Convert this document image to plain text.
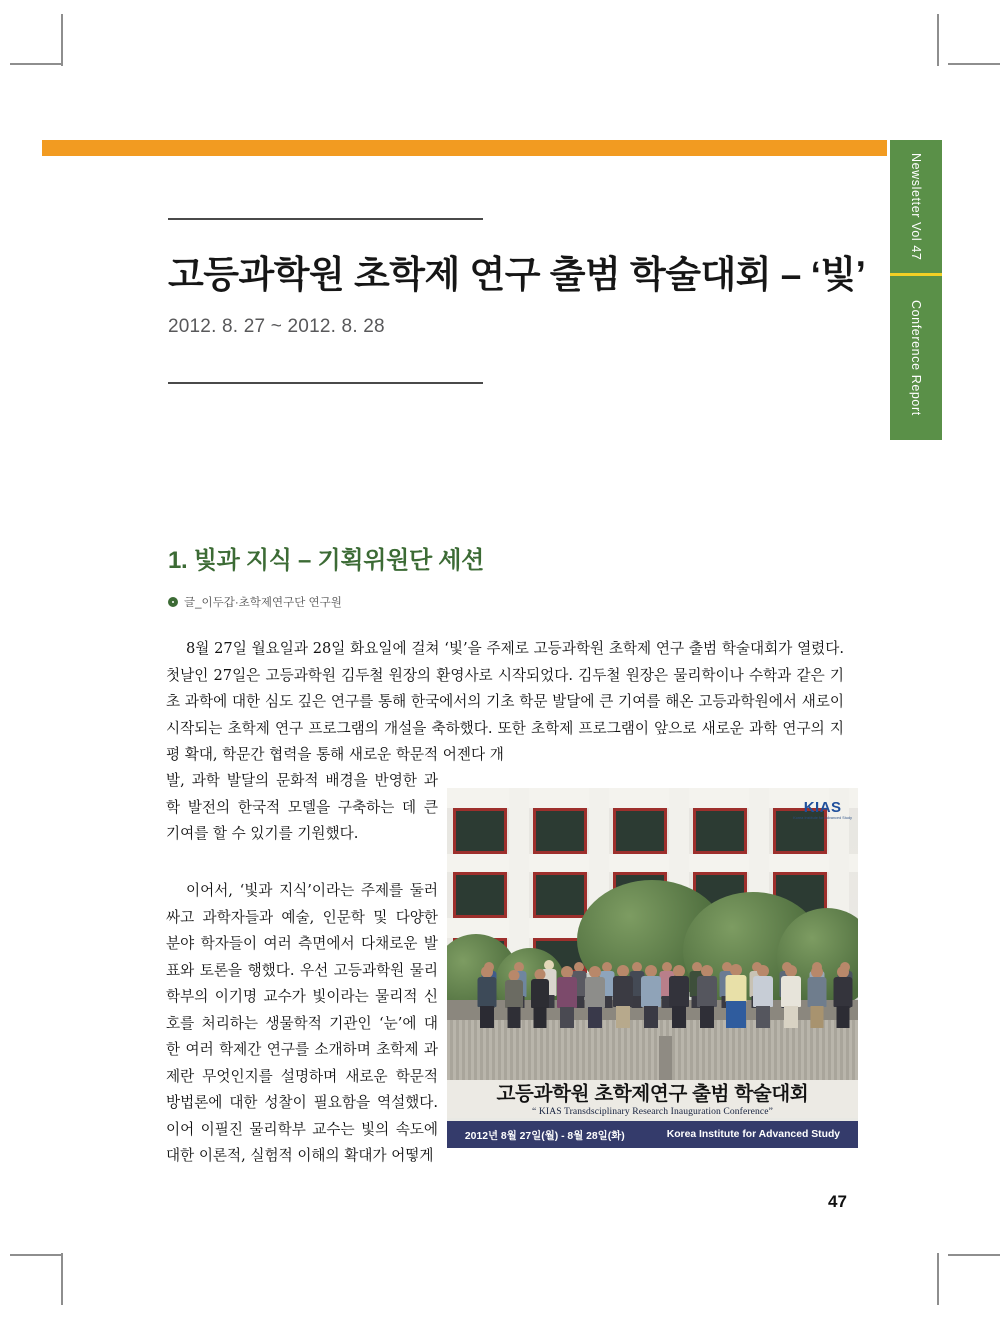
Newsletter Vol 47
Conference Report
고등과학원 초학제 연구 출범 학술대회 – ‘빛’
2012. 8. 27 ~ 2012. 8. 28
1. 빛과 지식 – 기획위원단 세션
글_이두갑·초학제연구단 연구원

8월 27일 월요일과 28일 화요일에 걸쳐 ‘빛’을 주제로 고등과학원 초학제 연구 출범 학술대회가 열렸다. 첫날인 27일은 고등과학원 김두철 원장의 환영사로 시작되었다. 김두철 원장은 물리학이나 수학과 같은 기초 과학에 대한 심도 깊은 연구를 통해 한국에서의 기초 학문 발달에 큰 기여를 해온 고등과학원에서 새로이 시작되는 초학제 연구 프로그램의 개설을 축하했다. 또한 초학제 프로그램이 앞으로 새로운 과학 연구의 지평 확대, 학문간 협력을 통해 새로운 학문적 어젠다 개

발, 과학 발달의 문화적 배경을 반영한 과 학 발전의 한국적 모델을 구축하는 데 큰 기여를 할 수 있기를 기원했다.

이어서, ‘빛과 지식’이라는 주제를 둘러싸고 과학자들과 예술, 인문학 및 다양한 분야 학자들이 여러 측면에서 다채로운 발표와 토론을 행했다. 우선 고등과학원 물리학부의 이기명 교수가 빛이라는 물리적 신호를 처리하는 생물학적 기관인 ‘눈’에 대한 여러 학제간 연구를 소개하며 초학제 과제란 무엇인지를 설명하며 새로운 학문적 방법론에 대한 성찰이 필요함을 역설했다. 이어 이필진 물리학부 교수는 빛의 속도에 대한 이론적, 실험적 이해의 확대가 어떻게

KIAS
Korea Institute for Advanced Study
고등과학원 초학제연구 출범 학술대회
“ KIAS Transdsciplinary Research Inauguration Conference”
2012년 8월 27일(월) - 8월 28일(화)	Korea Institute for Advanced Study
47
